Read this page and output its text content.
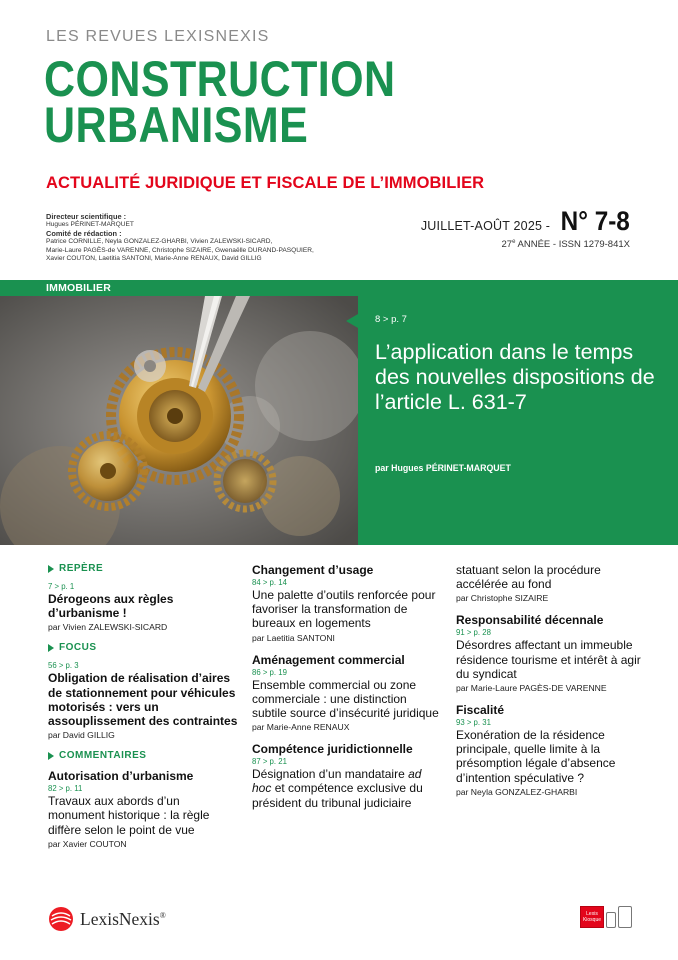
LES REVUES LEXISNEXIS
CONSTRUCTION
URBANISME
ACTUALITÉ JURIDIQUE ET FISCALE DE L’IMMOBILIER
Directeur scientifique :
Hugues PÉRINET-MARQUET
Comité de rédaction :
Patrice CORNILLE, Neyla GONZALEZ-GHARBI, Vivien ZALEWSKI-SICARD,
Marie-Laure PAGÈS-de VARENNE, Christophe SIZAIRE, Gwenaëlle DURAND-PASQUIER,
Xavier COUTON, Laetitia SANTONI, Marie-Anne RENAUX, David GILLIG
JUILLET-AOÛT 2025 - N° 7-8
27e ANNÉE - ISSN 1279-841X
IMMOBILIER
8 > p. 7
L’application dans le temps des nouvelles dispositions de l’article L. 631-7
par Hugues PÉRINET-MARQUET
REPÈRE
7 > p. 1
Dérogeons aux règles d’urbanisme !
par Vivien ZALEWSKI-SICARD
FOCUS
56 > p. 3
Obligation de réalisation d’aires de stationnement pour véhicules motorisés : vers un assouplissement des contraintes
par David GILLIG
COMMENTAIRES
Autorisation d’urbanisme
82 > p. 11
Travaux aux abords d’un monument historique : la règle diffère selon le point de vue
par Xavier COUTON
Changement d’usage
84 > p. 14
Une palette d’outils renforcée pour favoriser la transformation de bureaux en logements
par Laetitia SANTONI
Aménagement commercial
86 > p. 19
Ensemble commercial ou zone commerciale : une distinction subtile source d’insécurité juridique
par Marie-Anne RENAUX
Compétence juridictionnelle
87 > p. 21
Désignation d’un mandataire ad hoc et compétence exclusive du président du tribunal judiciaire
statuant selon la procédure accélérée au fond
par Christophe SIZAIRE
Responsabilité décennale
91 > p. 28
Désordres affectant un immeuble résidence tourisme et intérêt à agir du syndicat
par Marie-Laure PAGÈS-DE VARENNE
Fiscalité
93 > p. 31
Exonération de la résidence principale, quelle limite à la présomption légale d’absence d’intention spéculative ?
par Neyla GONZALEZ-GHARBI
LexisNexis®	Lexis Kiosque
